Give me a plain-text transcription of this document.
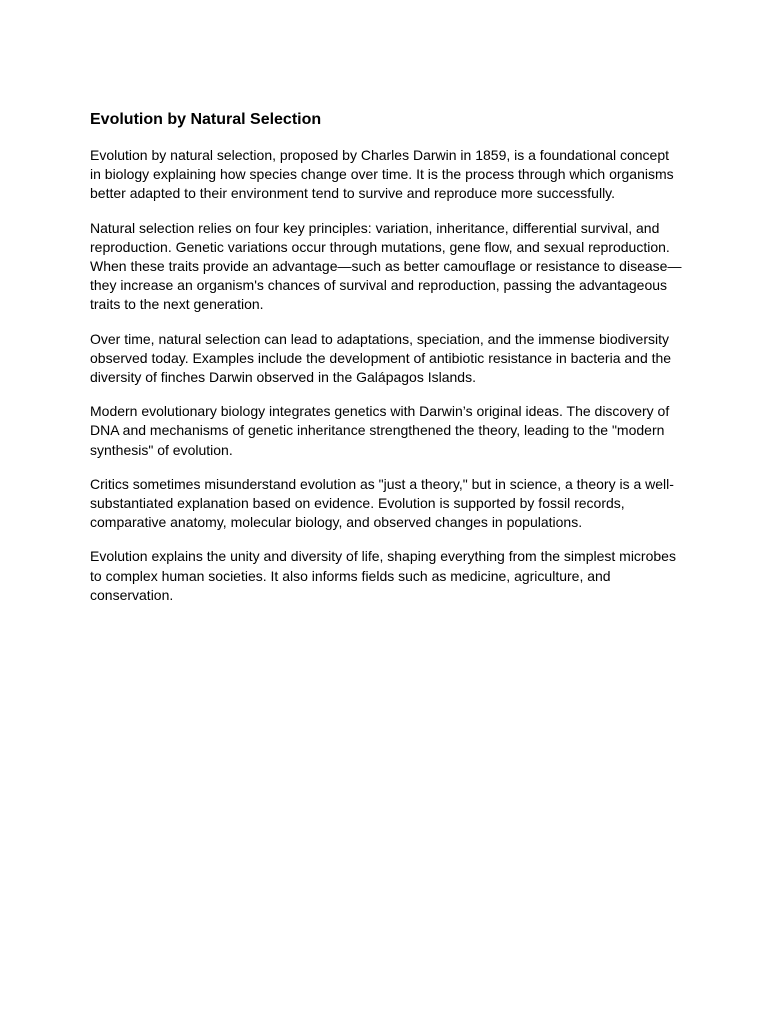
Evolution by Natural Selection

Evolution by natural selection, proposed by Charles Darwin in 1859, is a foundational concept in biology explaining how species change over time. It is the process through which organisms better adapted to their environment tend to survive and reproduce more successfully.

Natural selection relies on four key principles: variation, inheritance, differential survival, and reproduction. Genetic variations occur through mutations, gene flow, and sexual reproduction. When these traits provide an advantage—such as better camouflage or resistance to disease—they increase an organism's chances of survival and reproduction, passing the advantageous traits to the next generation.

Over time, natural selection can lead to adaptations, speciation, and the immense biodiversity observed today. Examples include the development of antibiotic resistance in bacteria and the diversity of finches Darwin observed in the Galápagos Islands.

Modern evolutionary biology integrates genetics with Darwin’s original ideas. The discovery of DNA and mechanisms of genetic inheritance strengthened the theory, leading to the "modern synthesis" of evolution.

Critics sometimes misunderstand evolution as "just a theory," but in science, a theory is a well-substantiated explanation based on evidence. Evolution is supported by fossil records, comparative anatomy, molecular biology, and observed changes in populations.

Evolution explains the unity and diversity of life, shaping everything from the simplest microbes to complex human societies. It also informs fields such as medicine, agriculture, and conservation.
